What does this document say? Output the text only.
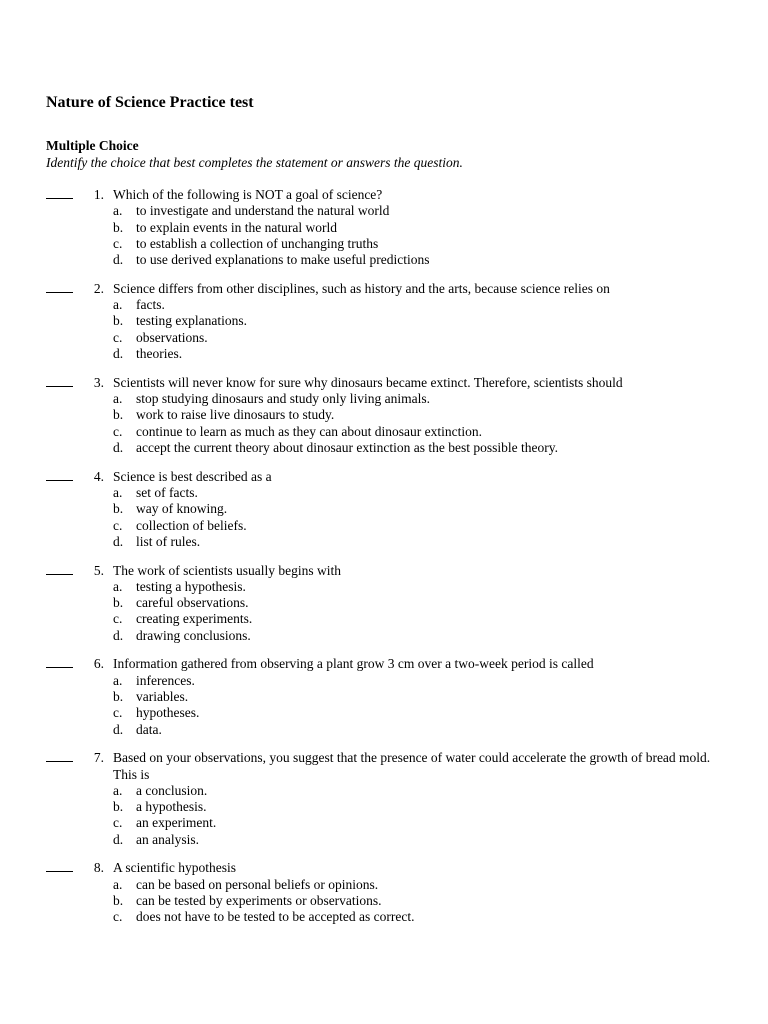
Nature of Science Practice test
Multiple Choice
Identify the choice that best completes the statement or answers the question.
1. Which of the following is NOT a goal of science?
a. to investigate and understand the natural world
b. to explain events in the natural world
c. to establish a collection of unchanging truths
d. to use derived explanations to make useful predictions
2. Science differs from other disciplines, such as history and the arts, because science relies on
a. facts.
b. testing explanations.
c. observations.
d. theories.
3. Scientists will never know for sure why dinosaurs became extinct. Therefore, scientists should
a. stop studying dinosaurs and study only living animals.
b. work to raise live dinosaurs to study.
c. continue to learn as much as they can about dinosaur extinction.
d. accept the current theory about dinosaur extinction as the best possible theory.
4. Science is best described as a
a. set of facts.
b. way of knowing.
c. collection of beliefs.
d. list of rules.
5. The work of scientists usually begins with
a. testing a hypothesis.
b. careful observations.
c. creating experiments.
d. drawing conclusions.
6. Information gathered from observing a plant grow 3 cm over a two-week period is called
a. inferences.
b. variables.
c. hypotheses.
d. data.
7. Based on your observations, you suggest that the presence of water could accelerate the growth of bread mold. This is
a. a conclusion.
b. a hypothesis.
c. an experiment.
d. an analysis.
8. A scientific hypothesis
a. can be based on personal beliefs or opinions.
b. can be tested by experiments or observations.
c. does not have to be tested to be accepted as correct.
